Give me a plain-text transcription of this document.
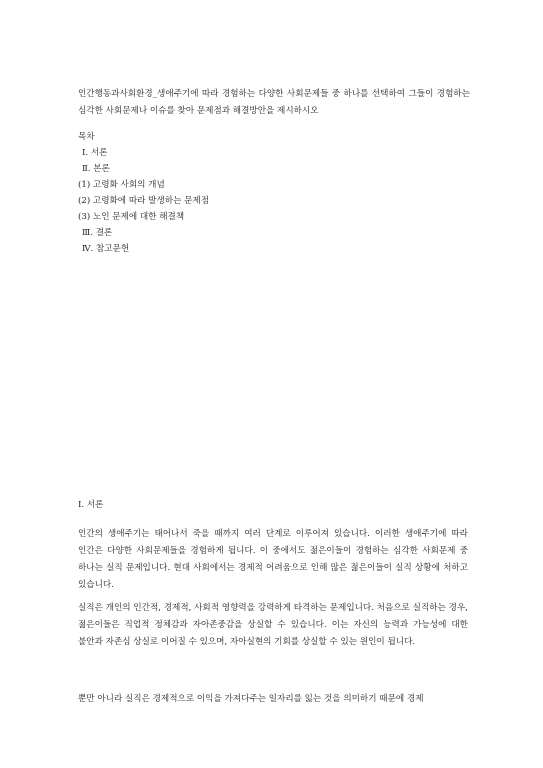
인간행동과사회환경_생애주기에 따라 경험하는 다양한 사회문제들 중 하나를 선택하여 그들이 경험하는 심각한 사회문제나 이슈를 찾아 문제점과 해결방안을 제시하시오
목차
Ⅰ. 서론
Ⅱ. 본론
(1) 고령화 사회의 개념
(2) 고령화에 따라 발생하는 문제점
(3) 노인 문제에 대한 해결책
Ⅲ. 결론
Ⅳ. 참고문헌
Ⅰ. 서론

인간의 생애주기는 태어나서 죽을 때까지 여러 단계로 이루어져 있습니다. 이러한 생애주기에 따라 인간은 다양한 사회문제들을 경험하게 됩니다. 이 중에서도 젊은이들이 경험하는 심각한 사회문제 중 하나는 실직 문제입니다. 현대 사회에서는 경제적 어려움으로 인해 많은 젊은이들이 실직 상황에 처하고 있습니다.

실직은 개인의 인간적, 경제적, 사회적 영향력을 강력하게 타격하는 문제입니다. 처음으로 실직하는 경우, 젊은이들은 직업적 정체감과 자아존중감을 상실할 수 있습니다. 이는 자신의 능력과 가능성에 대한 불안과 자존심 상실로 이어질 수 있으며, 자아실현의 기회를 상실할 수 있는 원인이 됩니다.

뿐만 아니라 실직은 경제적으로 이익을 가져다주는 일자리를 잃는 것을 의미하기 때문에 경제
